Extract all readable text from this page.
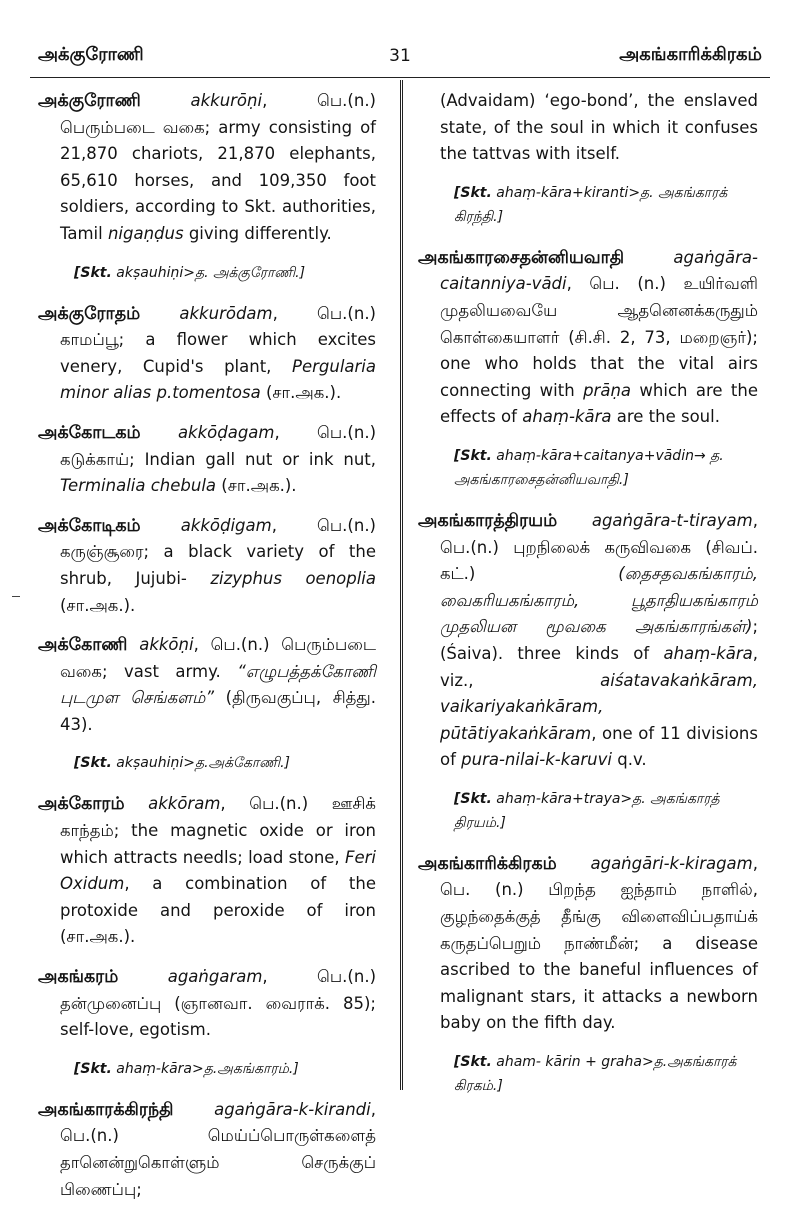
அக்குரோணி	31	அகங்காரிக்கிரகம்

அக்குரோணி	akkurōṇi, பெ.(n.) பெரும்படை வகை; army consisting of 21,870 chariots, 21,870 elephants, 65,610 horses, and 109,350 foot soldiers, according to Skt. authorities, Tamil nigaṇḍus giving differently.

[Skt. akṣauhiṇi>த. அக்குரோணி.]

அக்குரோதம் akkurōdam, பெ.(n.) காமப்பூ; a flower which excites venery, Cupid's plant, Pergularia minor alias p.tomentosa (சா.அக.).

அக்கோடகம் akkōḍagam, பெ.(n.) கடுக்காய்; Indian gall nut or ink nut, Terminalia chebula (சா.அக.).

அக்கோடிகம் akkōḍigam, பெ.(n.) கருஞ்சூரை; a black variety of the shrub, Jujubi- zizyphus oenoplia (சா.அக.).

அக்கோணி akkōṇi, பெ.(n.) பெரும்படை வகை; vast army. “எழுபத்தக்கோணி புடமுள செங்களம்” (திருவகுப்பு, சித்து. 43).

[Skt. akṣauhiṇi>த.அக்கோணி.]

அக்கோரம் akkōram, பெ.(n.) ஊசிக் காந்தம்; the magnetic oxide or iron which attracts needls; load stone, Feri Oxidum, a combination of the protoxide and peroxide of iron (சா.அக.).

அகங்கரம்	agaṅgaram, பெ.(n.) தன்முனைப்பு (ஞானவா. வைராக். 85); self-love, egotism.

[Skt. ahaṃ-kāra>த.அகங்காரம்.]

அகங்காரக்கிரந்தி agaṅgāra-k-kirandi, பெ.(n.) மெய்ப்பொருள்களைத் தானென்றுகொள்ளும் செருக்குப் பிணைப்பு;

(Advaidam) ‘ego-bond’, the enslaved state, of the soul in which it confuses the tattvas with itself.

[Skt. ahaṃ-kāra+kiranti>த. அகங்காரக் கிரந்தி.]

அகங்காரசைதன்னியவாதி	agaṅgāra-caitanniya-vādi, பெ. (n.) உயிர்வளி முதலியவையே ஆதனெனக்கருதும் கொள்கையாளர் (சி.சி. 2, 73, மறைஞர்); one who holds that the vital airs connecting with prāṇa which are the effects of ahaṃ-kāra are the soul.

[Skt. ahaṃ-kāra+caitanya+vādin→ த. அகங்காரசைதன்னியவாதி.]

அகங்காரத்திரயம் agaṅgāra-t-tirayam, பெ.(n.) புறநிலைக் கருவிவகை (சிவப். கட்.) (தைசதவகங்காரம், வைகரியகங்காரம், பூதாதியகங்காரம் முதலியன மூவகை அகங்காரங்கள்); (Śaiva). three kinds of ahaṃ-kāra, viz., aiśatavakaṅkāram, vaikariyakaṅkāram, pūtātiyakaṅkāram, one of 11 divisions of pura-nilai-k-karuvi q.v.

[Skt. ahaṃ-kāra+traya>த. அகங்காரத் திரயம்.]

அகங்காரிக்கிரகம் agaṅgāri-k-kiragam, பெ. (n.) பிறந்த ஐந்தாம் நாளில், குழந்தைக்குத் தீங்கு விளைவிப்பதாய்க் கருதப்பெறும் நாண்மீன்; a disease ascribed to the baneful influences of malignant stars, it attacks a newborn baby on the fifth day.

[Skt. aham- kārin + graha>த.அகங்காரக் கிரகம்.]
